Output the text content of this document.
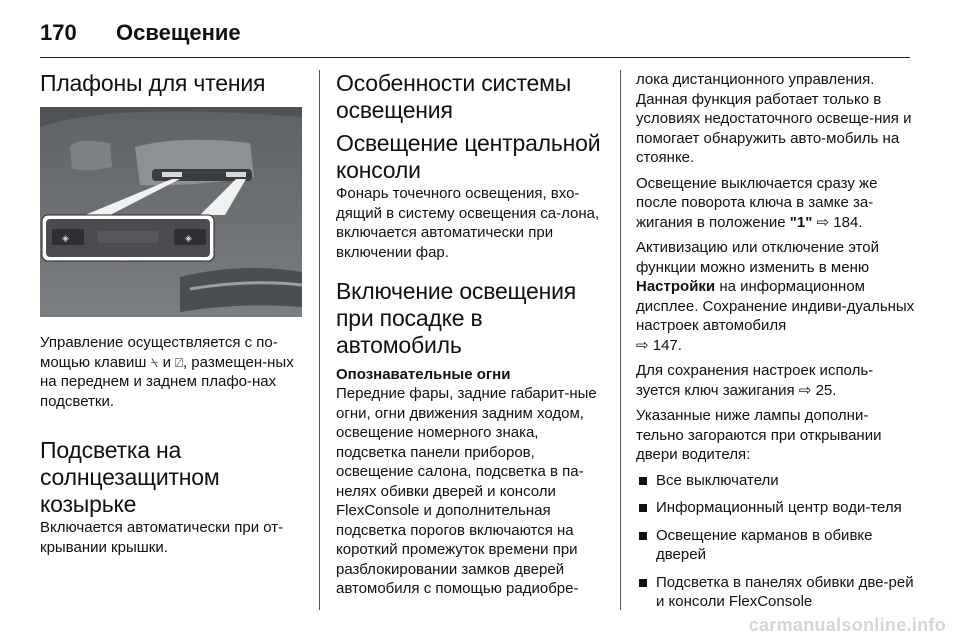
170 Освещение
Плафоны для чтения
◈	◈

Управление осуществляется с по-мощью клавиш ⍀ и ⍁, размещен-ных на переднем и заднем плафо-нах подсветки.

Подсветка на солнцезащитном козырьке

Включается автоматически при от-крывании крышки.

Особенности системы освещения
Освещение центральной консоли

Фонарь точечного освещения, вхо-дящий в систему освещения са-лона, включается автоматически при включении фар.

Включение освещения при посадке в автомобиль
Опознавательные огни

Передние фары, задние габарит-ные огни, огни движения задним ходом, освещение номерного знака, подсветка панели приборов, освещение салона, подсветка в па-нелях обивки дверей и консоли FlexConsole и дополнительная подсветка порогов включаются на короткий промежуток времени при разблокировании замков дверей автомобиля с помощью радиобре-

лока дистанционного управления. Данная функция работает только в условиях недостаточного освеще-ния и помогает обнаружить авто-мобиль на стоянке.

Освещение выключается сразу же после поворота ключа в замке за-жигания в положение "1" ⇨ 184.

Активизацию или отключение этой функции можно изменить в меню Настройки на информационном дисплее. Сохранение индиви-дуальных настроек автомобиля
⇨ 147.

Для сохранения настроек исполь-зуется ключ зажигания ⇨ 25.

Указанные ниже лампы дополни-тельно загораются при открывании двери водителя:

Все выключатели
Информационный центр води-теля
Освещение карманов в обивке дверей
Подсветка в панелях обивки две-рей и консоли FlexConsole
carmanualsonline.info
